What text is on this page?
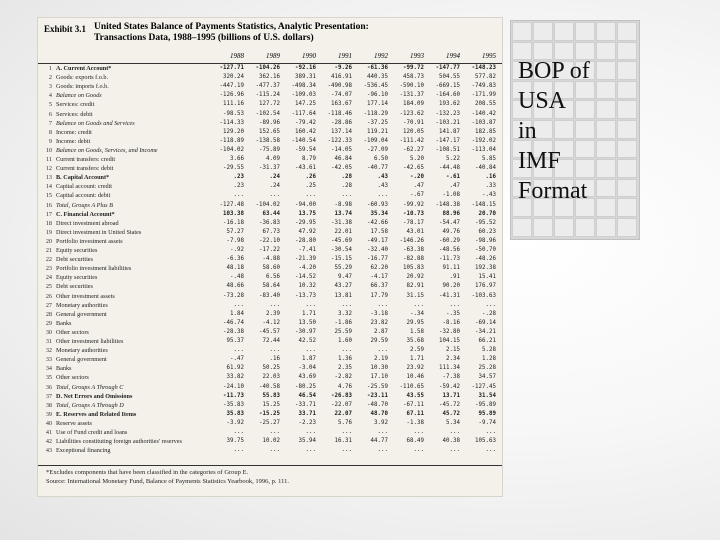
Exhibit 3.1 United States Balance of Payments Statistics, Analytic Presentation:
Transactions Data, 1988–1995 (billions of U.S. dollars)
1988	1989	1990	1991	1992	1993	1994	1995
1 A. Current Account*	-127.71	-104.26	-92.16	-9.26	-61.36	-99.72	-147.77	-148.23
2 Goods: exports f.o.b.	320.24	362.16	389.31	416.91	440.35	458.73	504.55	577.82
3 Goods: imports f.o.b.	-447.19	-477.37	-498.34	-490.98	-536.45	-590.10	-669.15	-749.83
4 Balance on Goods	-126.96	-115.24	-109.03	-74.07	-96.10	-131.37	-164.60	-171.99
5 Services: credit	111.16	127.72	147.25	163.67	177.14	184.09	193.62	208.55
6 Services: debit	-98.53	-102.54	-117.64	-118.46	-118.29	-123.62	-132.23	-140.42
7 Balance on Goods and Services	-114.33	-89.96	-79.42	-28.86	-37.25	-70.91	-103.21	-103.87
8 Income: credit	129.20	152.65	160.42	137.14	119.21	120.05	141.87	182.85
9 Income: debit	-118.89	-138.58	-140.54	-122.33	-109.04	-111.42	-147.17	-192.02
10 Balance on Goods, Services, and Income	-104.02	-75.89	-59.54	-14.05	-27.09	-62.27	-108.51	-113.04
11 Current transfers: credit	3.66	4.09	8.79	46.84	6.50	5.20	5.22	5.85
12 Current transfers: debit	-29.55	-31.37	-43.61	-42.05	-40.77	-42.65	-44.48	-40.84
13 B. Capital Account*	.23	.24	.26	.28	.43	-.20	-.61	.16
14 Capital account: credit	.23	.24	.25	.28	.43	.47	.47	.33
15 Capital account: debit	...	...	...	...	...	-.67	-1.08	-.43
16 Total, Groups A Plus B	-127.48	-104.02	-94.00	-8.98	-60.93	-99.92	-148.38	-148.15
17 C. Financial Account*	103.38	63.44	13.75	13.74	35.34	-10.73	88.96	20.70
18 Direct investment abroad	-16.18	-36.83	-29.95	-31.38	-42.66	-78.17	-54.47	-95.52
19 Direct investment in United States	57.27	67.73	47.92	22.01	17.58	43.01	49.76	60.23
20 Portfolio investment assets	-7.98	-22.10	-28.80	-45.69	-49.17	-146.26	-60.29	-98.96
21 Equity securities	-.92	-17.22	-7.41	-30.54	-32.40	-63.38	-48.56	-50.70
22 Debt securities	-6.36	-4.88	-21.39	-15.15	-16.77	-82.88	-11.73	-48.26
23 Portfolio investment liabilities	48.18	58.60	-4.20	55.29	62.20	105.83	91.11	192.38
24 Equity securities	-.48	6.56	-14.52	9.47	-4.17	20.92	.91	15.41
25 Debt securities	48.66	58.64	10.32	43.27	66.37	82.91	90.20	176.97
26 Other investment assets	-73.28	-83.40	-13.73	13.81	17.79	31.15	-41.31	-103.63
27 Monetary authorities	...	...	...	...	...	...	...	...
28 General government	1.84	2.39	1.71	3.32	-3.18	-.34	-.35	-.28
29 Banks	-46.74	-4.12	13.50	-1.86	23.82	29.95	-8.16	-69.14
30 Other sectors	-28.38	-45.57	-30.97	25.59	2.87	1.58	-32.80	-34.21
31 Other investment liabilities	95.37	72.44	42.52	1.60	29.59	35.68	104.15	66.21
32 Monetary authorities	...	...	...	...	...	2.59	2.15	5.28
33 General government	-.47	.16	1.87	1.36	2.19	1.71	2.34	1.28
34 Banks	61.92	50.25	-3.04	2.35	10.30	23.92	111.34	25.28
35 Other sectors	33.82	22.03	43.69	-2.82	17.10	10.46	-7.38	34.57
36 Total, Groups A Through C	-24.10	-40.58	-80.25	4.76	-25.59	-110.65	-59.42	-127.45
37 D. Net Errors and Omissions	-11.73	55.83	46.54	-26.83	-23.11	43.55	13.71	31.54
38 Total, Groups A Through D	-35.83	15.25	-33.71	-22.07	-48.70	-67.11	-45.72	-95.89
39 E. Reserves and Related Items	35.83	-15.25	33.71	22.07	48.70	67.11	45.72	95.89
40 Reserve assets	-3.92	-25.27	-2.23	5.76	3.92	-1.38	5.34	-9.74
41 Use of Fund credit and loans	...	...	...	...	...	...	...	...
42 Liabilities constituting foreign authorities' reserves	39.75	10.02	35.94	16.31	44.77	68.49	40.38	105.63
43 Exceptional financing	...	...	...	...	...	...	...	...
*Excludes components that have been classified in the categories of Group E.
Source: International Monetary Fund, Balance of Payments Statistics Yearbook, 1996, p. 111.
BOP of
USA
in
IMF
Format
